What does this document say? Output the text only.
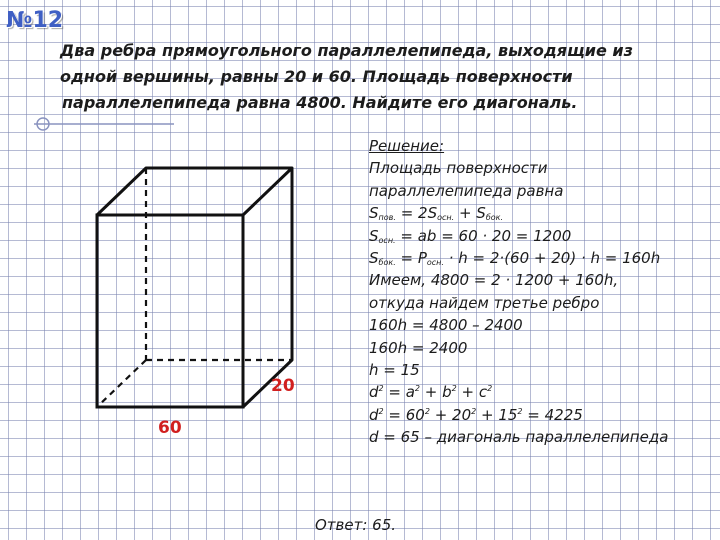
№12
Два ребра прямоугольного параллелепипеда, выходящие из
одной вершины, равны 20 и 60. Площадь поверхности
параллелепипеда равна 4800. Найдите его диагональ.
20
60
Решение:
Площадь поверхности
параллелепипеда равна
$S_{пов.} = 2S_{осн.} + S_{бок.}$
$S_{осн.}$ = ab = 60 · 20 = 1200
$S_{бок.} = P_{осн.} \cdot h = 2\cdot(60 + 20) \cdot h = 160h$
Имеем, 4800 = 2 · 1200 + 160h,
откуда найдем третье ребро
160h = 4800 – 2400
160h = 2400
h = 15
$d^2 = a^2 + b^2 + c^2$
$d^2 = 60^2 + 20^2 + 15^2 = 4225$
d = 65 – диагональ параллелепипеда
Ответ: 65.
